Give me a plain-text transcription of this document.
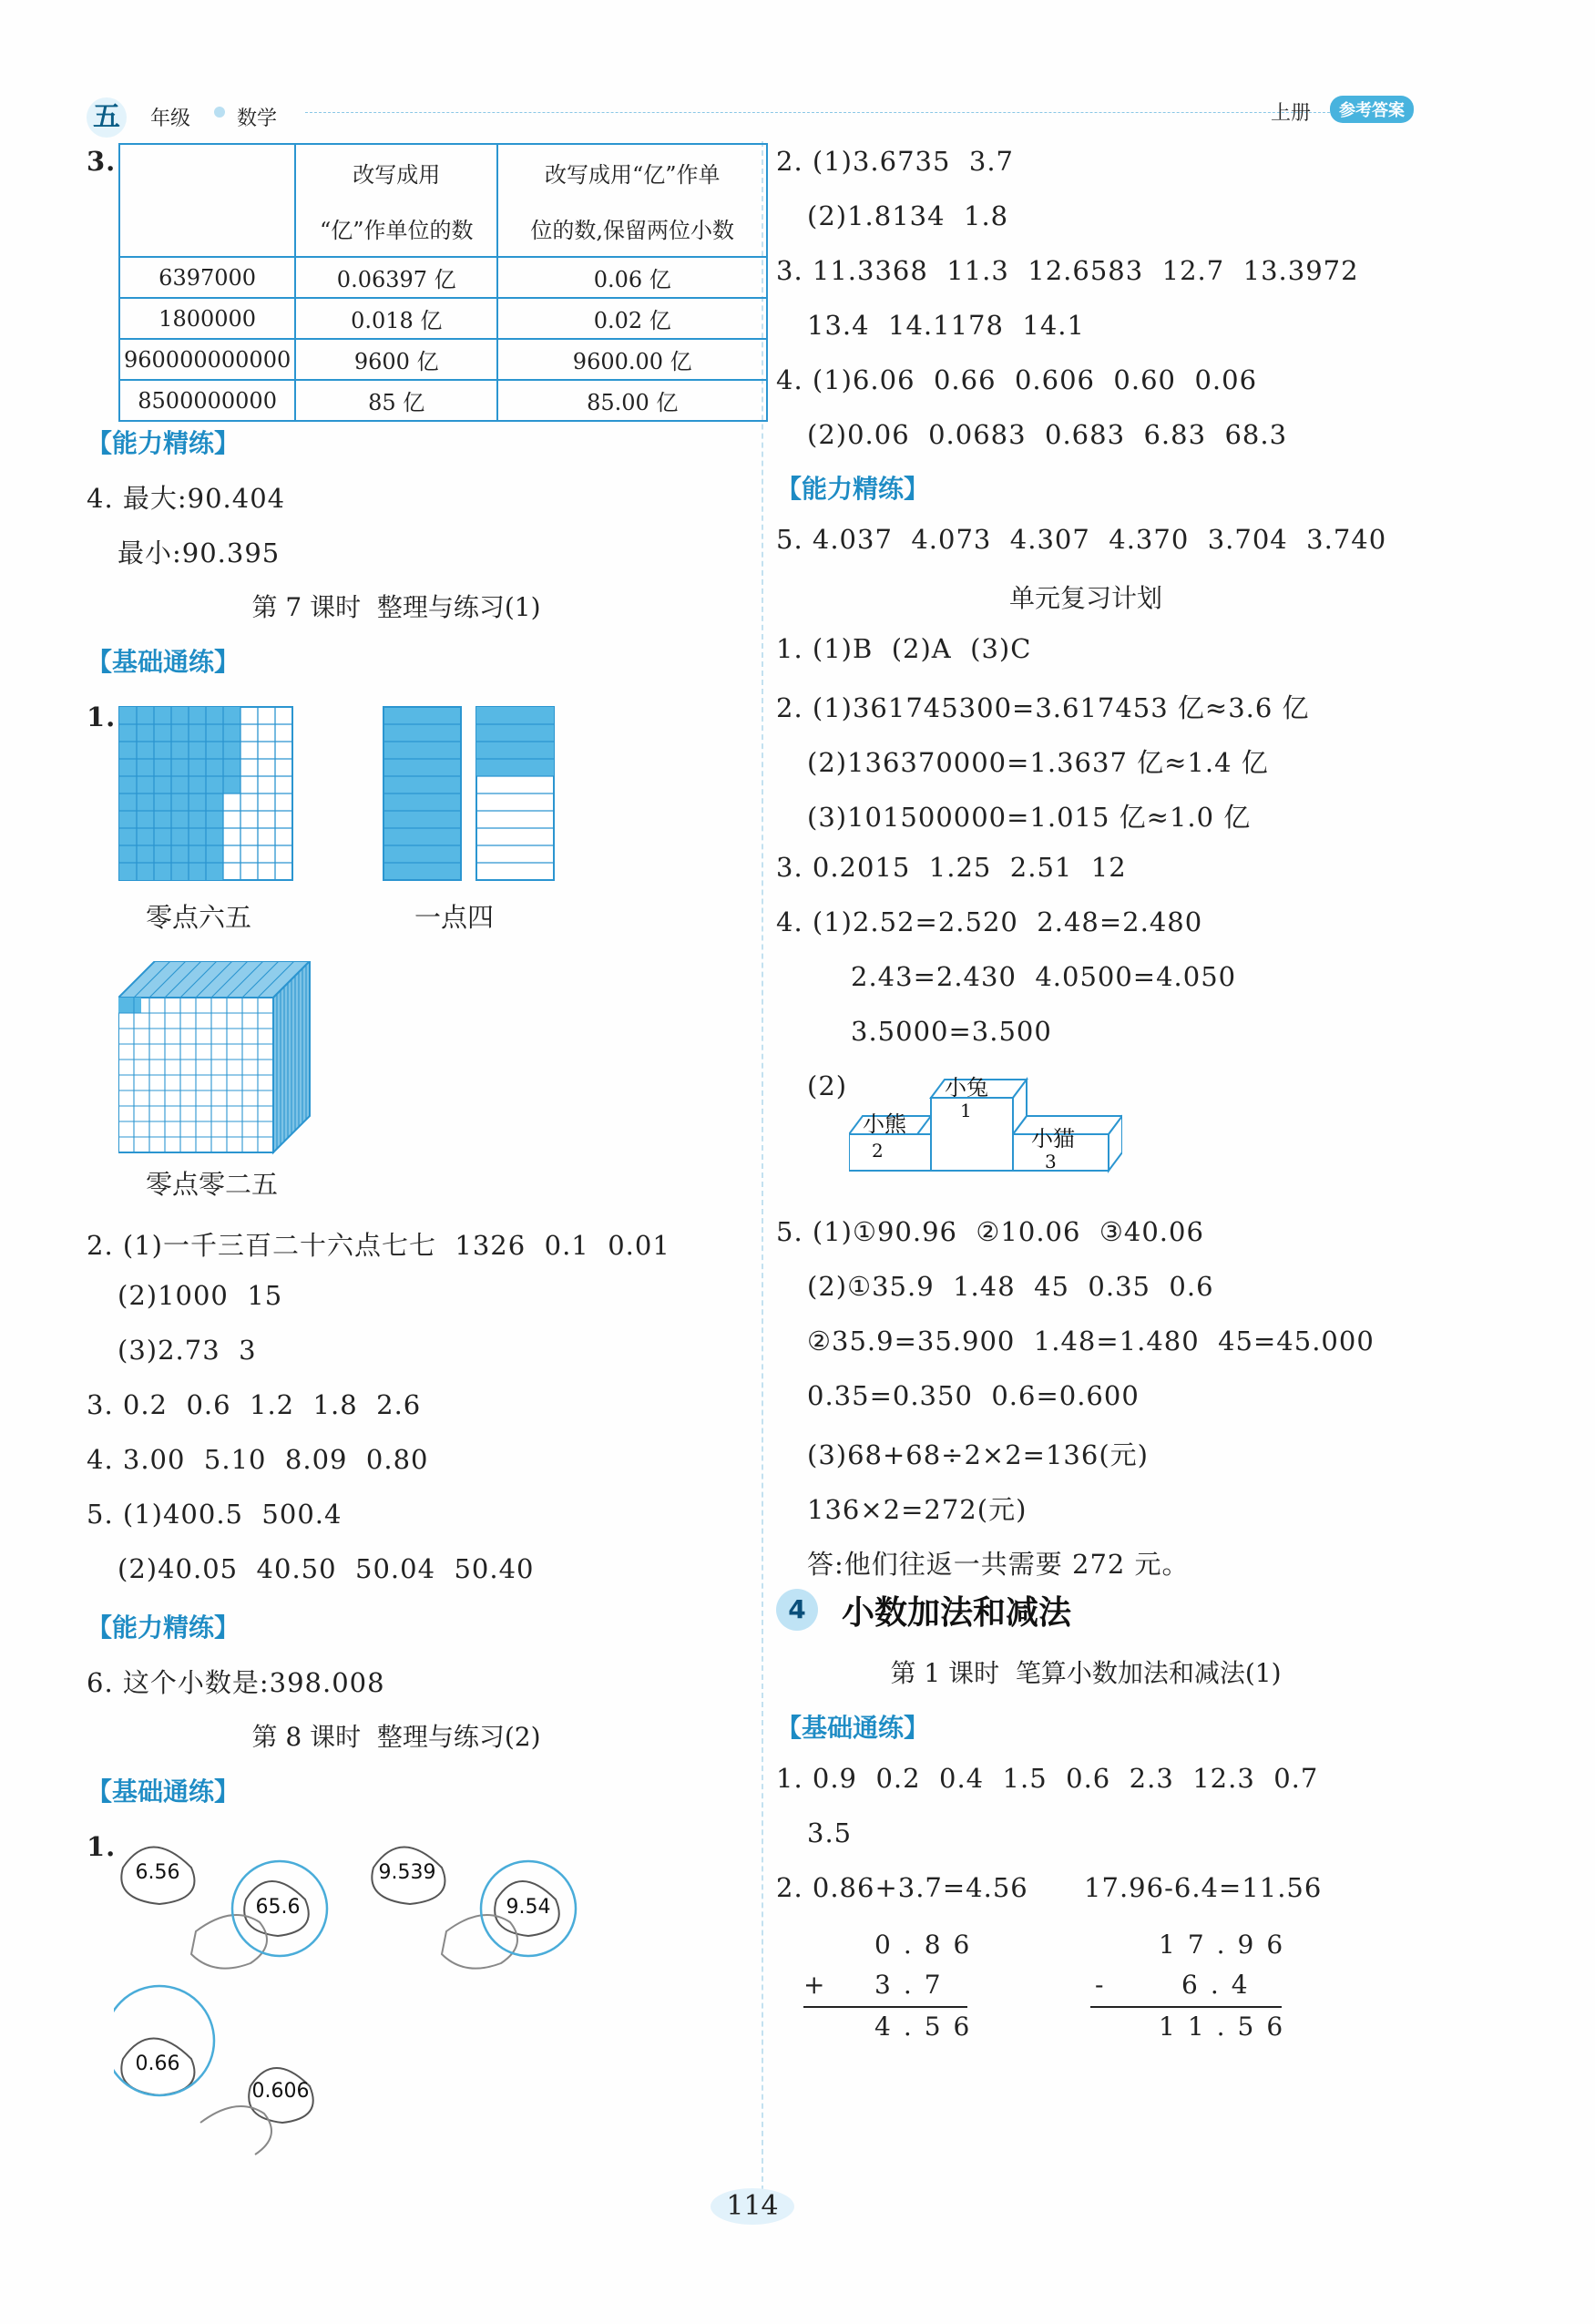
五	年级 数学	上册	参考答案
3.
		改写成用	改写成用“亿”作单
	“亿”作单位的数	位的数,保留两位小数
6397000	0.06397 亿	0.06 亿
1800000	0.018 亿	0.02 亿
960000000000	9600 亿	9600.00 亿
8500000000	85 亿	85.00 亿
【能力精练】
4. 最大:90.404
最小:90.395
第 7 课时  整理与练习(1)
【基础通练】
1.
零点六五	一点四
零点零二五
2. (1)一千三百二十六点七七  1326  0.1  0.01
(2)1000  15
(3)2.73  3
3. 0.2  0.6  1.2  1.8  2.6
4. 3.00  5.10  8.09  0.80
5. (1)400.5  500.4
(2)40.05  40.50  50.04  50.40
【能力精练】
6. 这个小数是:398.008
第 8 课时  整理与练习(2)
【基础通练】
1.
6.56
65.6
9.539
9.54
0.66
0.606
2. (1)3.6735  3.7
(2)1.8134  1.8
3. 11.3368  11.3  12.6583  12.7  13.3972
13.4  14.1178  14.1
4. (1)6.06  0.66  0.606  0.60  0.06
(2)0.06  0.0683  0.683  6.83  68.3
【能力精练】
5. 4.037  4.073  4.307  4.370  3.704  3.740
单元复习计划
1. (1)B  (2)A  (3)C
2. (1)361745300=3.617453 亿≈3.6 亿
(2)136370000=1.3637 亿≈1.4 亿
(3)101500000=1.015 亿≈1.0 亿
3. 0.2015  1.25  2.51  12
4. (1)2.52=2.520  2.48=2.480
2.43=2.430  4.0500=4.050
3.5000=3.500
(2)	小兔
1
小熊
2	小猫
3
5. (1)①90.96  ②10.06  ③40.06
(2)①35.9  1.48  45  0.35  0.6
②35.9=35.900  1.48=1.480  45=45.000
0.35=0.350  0.6=0.600
(3)68+68÷2×2=136(元)
136×2=272(元)
答:他们往返一共需要 272 元。
4	小数加法和减法
第 1 课时  笔算小数加法和减法(1)
【基础通练】
1. 0.9  0.2  0.4  1.5  0.6  2.3  12.3  0.7
3.5
2. 0.86+3.7=4.56      17.96-6.4=11.56
0.86
+ 3.7
4.56
17.96
-	6.4
11.56
114
